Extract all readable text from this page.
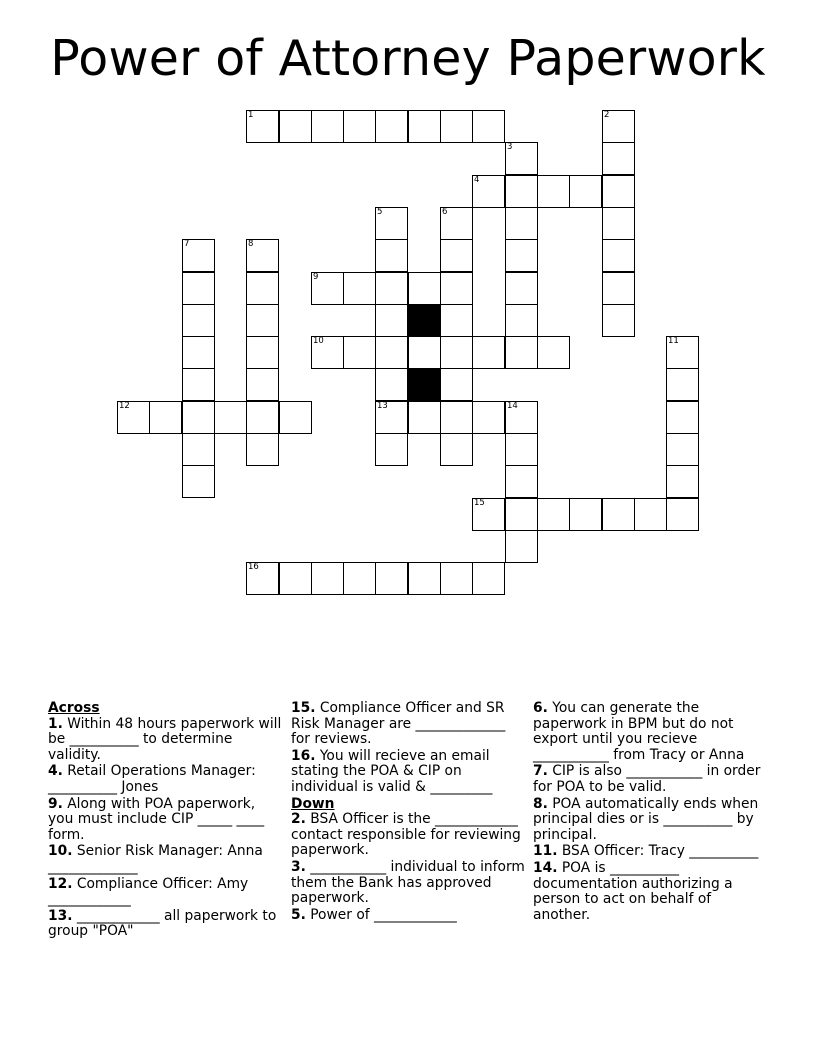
Power of Attorney Paperwork
1	2
3
4
5	6
7	8
9
10	11
12	13	14
15
16
Across
1. Within 48 hours paperwork will be __________ to determine validity.
4. Retail Operations Manager: __________ Jones
9. Along with POA paperwork, you must include CIP _____ ____ form.
10. Senior Risk Manager: Anna _____________
12. Compliance Officer: Amy ____________
13. ____________ all paperwork to group "POA"
15. Compliance Officer and SR Risk Manager are _____________ for reviews.
16. You will recieve an email stating the POA & CIP on individual is valid & _________
Down
2. BSA Officer is the ____________ contact responsible for reviewing paperwork.
3. ___________ individual to inform them the Bank has approved paperwork.
5. Power of ____________
6. You can generate the paperwork in BPM but do not export until you recieve ___________ from Tracy or Anna
7. CIP is also ___________ in order for POA to be valid.
8. POA automatically ends when principal dies or is __________ by principal.
11. BSA Officer: Tracy __________
14. POA is __________ documentation authorizing a person to act on behalf of another.
